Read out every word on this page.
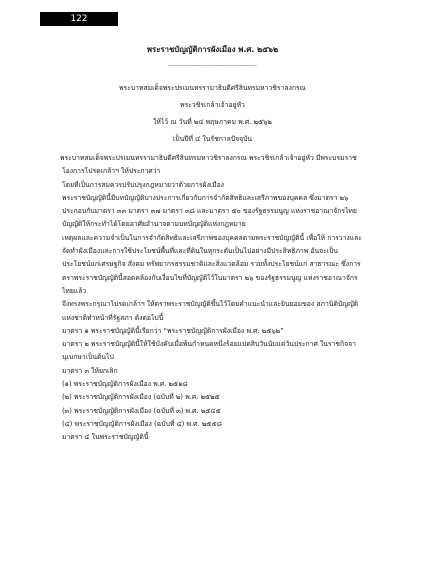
122
พระราชบัญญัติการผังเมือง พ.ศ. ๒๕๖๒
-----------------------------------------
พระบาทสมเด็จพระปรเมนทรรามาธิบดีศรีสินทรมหาวชิราลงกรณ
พระวชิรเกล้าเจ้าอยู่หัว
ให้ไว้ ณ วันที่ ๒๔ พฤษภาคม พ.ศ. ๒๕๖๒
เป็นปีที่ ๔ ในรัชกาลปัจจุบัน
พระบาทสมเด็จพระปรเมนทรรามาธิบดีศรีสินทรมหาวชิราลงกรณ พระวชิรเกล้าเจ้าอยู่หัว มีพระบรมราช
โองการโปรดเกล้าฯ ให้ประกาศว่า
โดยที่เป็นการสมควรปรับปรุงกฎหมายว่าด้วยการผังเมือง
พระราชบัญญัตินี้มีบทบัญญัติบางประการเกี่ยวกับการจำกัดสิทธิและเสรีภาพของบุคคล ซึ่งมาตรา ๒๖
ประกอบกับมาตรา ๓๓ มาตรา ๓๗ มาตรา ๓๘ และมาตรา ๕๐ ของรัฐธรรมนูญ แห่งราชอาณาจักรไทย
บัญญัติให้กระทำได้โดยอาศัยอำนาจตามบทบัญญัติแห่งกฎหมาย
เหตุผลและความจำเป็นในการจำกัดสิทธิและเสรีภาพของบุคคลตามพระราชบัญญัตินี้ เพื่อให้ การวางและ
จัดทำผังเมืองและการใช้ประโยชน์พื้นที่และที่ดินในทุกระดับเป็นไปอย่างมีประสิทธิภาพ อันจะเป็น
ประโยชน์แก่เศรษฐกิจ สังคม ทรัพยากรธรรมชาติและสิ่งแวดล้อม รวมทั้งประโยชน์แก่ สาธารณะ ซึ่งการ
ตราพระราชบัญญัตินี้สอดคล้องกับเงื่อนไขที่บัญญัติไว้ในมาตรา ๒๖ ของรัฐธรรมนูญ แห่งราชอาณาจักร
ไทยแล้ว
จึงทรงพระกรุณาโปรดเกล้าฯ ให้ตราพระราชบัญญัติขึ้นไว้โดยคำแนะนำและยินยอมของ สภานิติบัญญัติ
แห่งชาติทำหน้าที่รัฐสภา ดังต่อไปนี้
มาตรา ๑ พระราชบัญญัตินี้เรียกว่า “พระราชบัญญัติการผังเมือง พ.ศ. ๒๕๖๒”
มาตรา ๒ พระราชบัญญัตินี้ให้ใช้บังคับเมื่อพ้นกำหนดหนึ่งร้อยแปดสิบวันนับแต่วันประกาศ ในราชกิจจา
นุเบกษาเป็นต้นไป
มาตรา ๓ ให้ยกเลิก
(๑) พระราชบัญญัติการผังเมือง พ.ศ. ๒๕๑๘
(๒) พระราชบัญญัติการผังเมือง (ฉบับที่ ๒) พ.ศ. ๒๕๒๕
(๓) พระราชบัญญัติการผังเมือง (ฉบับที่ ๓) พ.ศ. ๒๕๔๕
(๔) พระราชบัญญัติการผังเมือง (ฉบับที่ ๔) พ.ศ. ๒๕๕๘
มาตรา ๔ ในพระราชบัญญัตินี้
